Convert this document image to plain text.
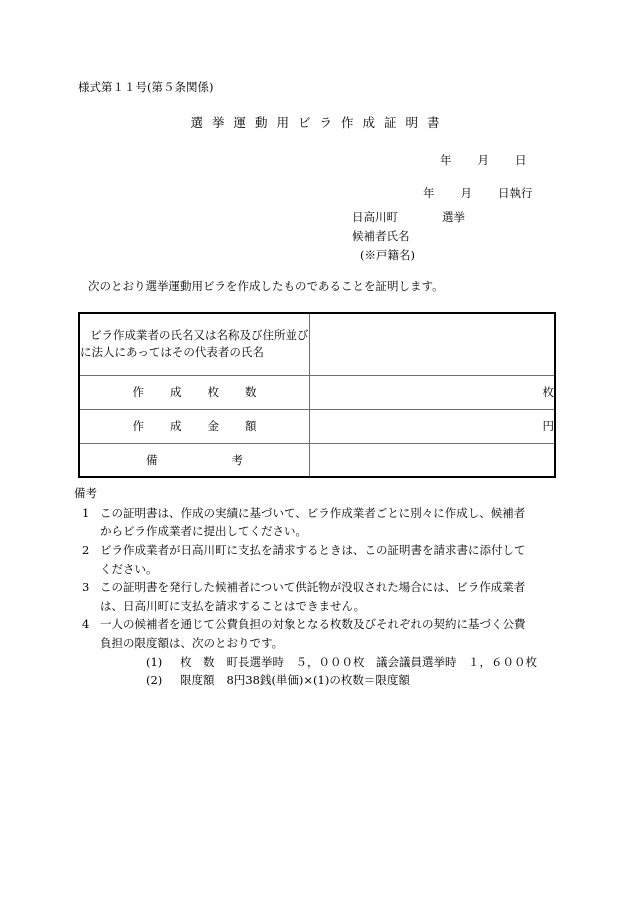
様式第１１号(第５条関係)
選挙運動用ビラ作成証明書
年 月 日
年 月 日執行
日高川町	選挙
候補者氏名
(※戸籍名)
次のとおり選挙運動用ビラを作成したものであることを証明します。
ビラ作成業者の氏名又は名称及び住所並びに法人にあってはその代表者の氏名	

作 成 枚 数	枚

作 成 金 額	円

備 考	

備考
1 この証明書は、作成の実績に基づいて、ビラ作成業者ごとに別々に作成し、候補者
からビラ作成業者に提出してください。
2 ビラ作成業者が日高川町に支払を請求するときは、この証明書を請求書に添付して
ください。
3 この証明書を発行した候補者について供託物が没収された場合には、ビラ作成業者
は、日高川町に支払を請求することはできません。
4 一人の候補者を通じて公費負担の対象となる枚数及びそれぞれの契約に基づく公費
負担の限度額は、次のとおりです。
(1) 枚　数 町長選挙時　５，０００枚　議会議員選挙時　１，６００枚
(2) 限度額 8円38銭(単価)×(1)の枚数＝限度額
